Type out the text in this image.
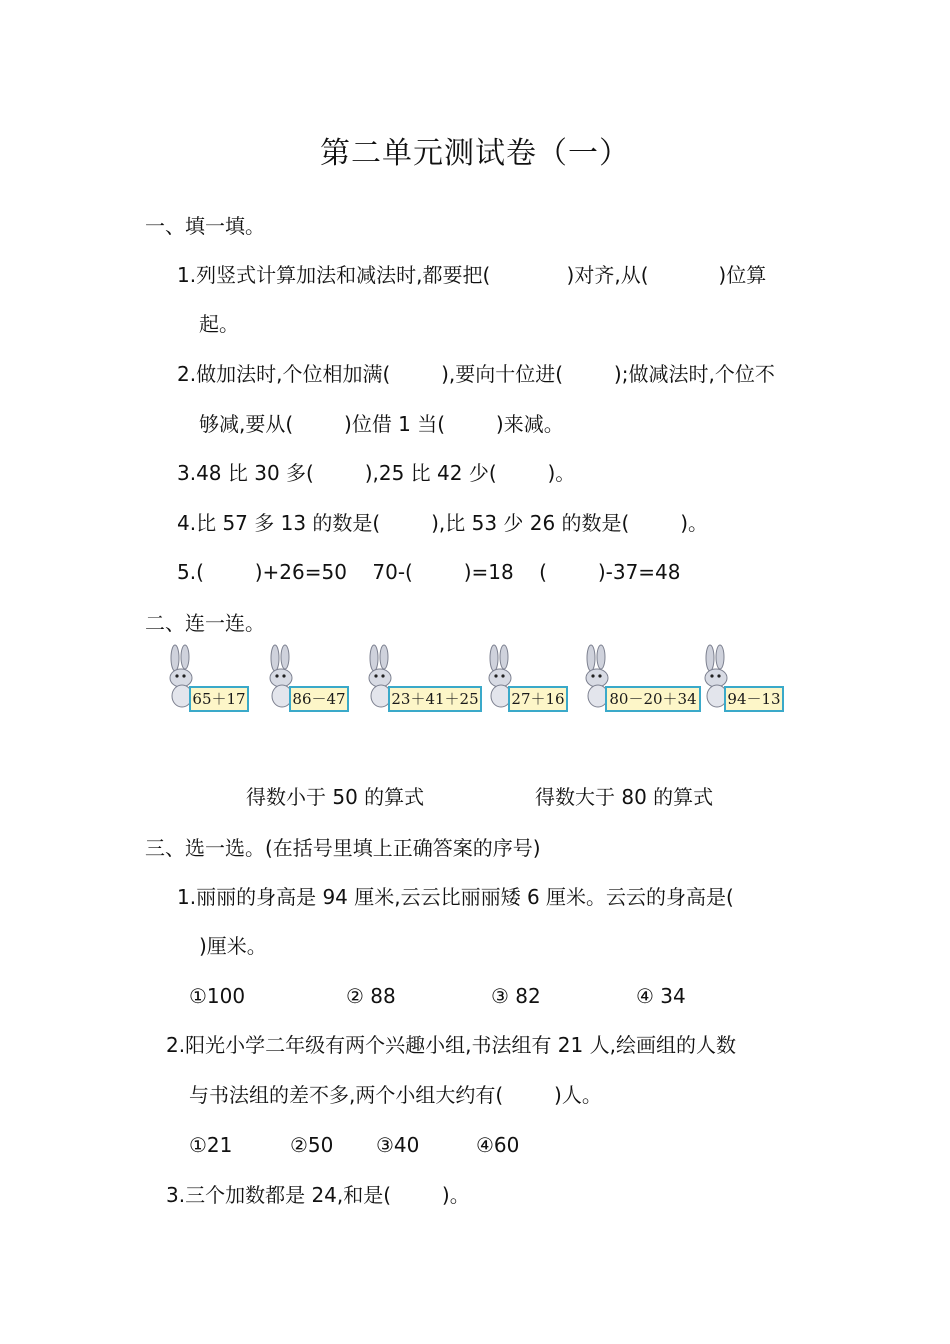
第二单元测试卷（一）
一、填一填。
1.列竖式计算加法和减法时,都要把(            )对齐,从(           )位算
起。
2.做加法时,个位相加满(        ),要向十位进(        );做减法时,个位不
够减,要从(        )位借 1 当(        )来减。
3.48 比 30 多(        ),25 比 42 少(        )。
4.比 57 多 13 的数是(        ),比 53 少 26 的数是(        )。
5.(        )+26=50    70-(        )=18    (        )-37=48
二、连一连。
65＋17	86－47	23＋41＋25 27＋16	80－20＋34 94－13
得数小于 50 的算式	得数大于 80 的算式
三、选一选。(在括号里填上正确答案的序号)
1.丽丽的身高是 94 厘米,云云比丽丽矮 6 厘米。云云的身高是(
)厘米。
①100	② 88	③ 82	④ 34
2.阳光小学二年级有两个兴趣小组,书法组有 21 人,绘画组的人数
与书法组的差不多,两个小组大约有(        )人。
①21	②50 ③40	④60
3.三个加数都是 24,和是(        )。
